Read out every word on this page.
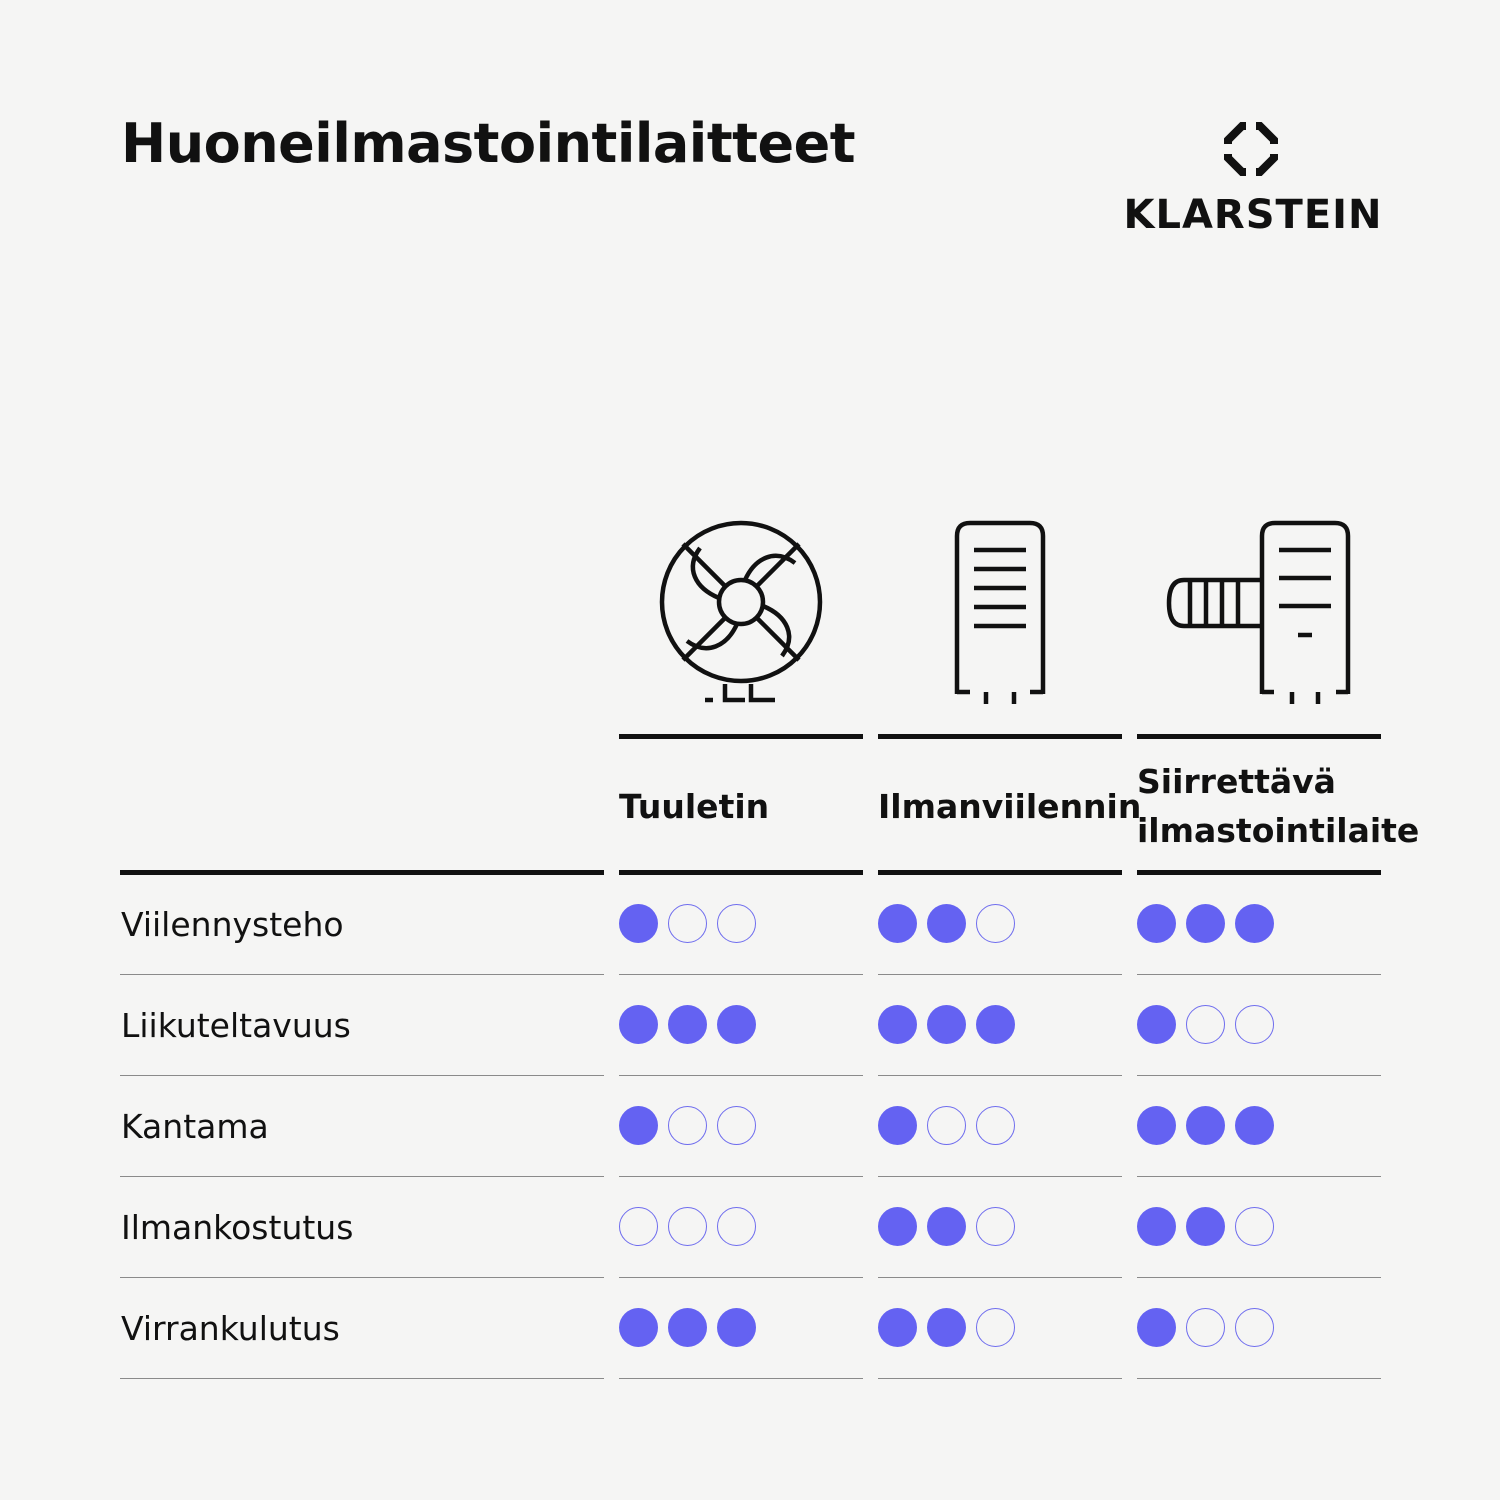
Huoneilmastointilaitteet
KLARSTEIN
Tuuletin	Ilmanviilennin
Siirrettävä
ilmastointilaite
Viilennysteho
Liikuteltavuus
Kantama
Ilmankostutus
Virrankulutus
